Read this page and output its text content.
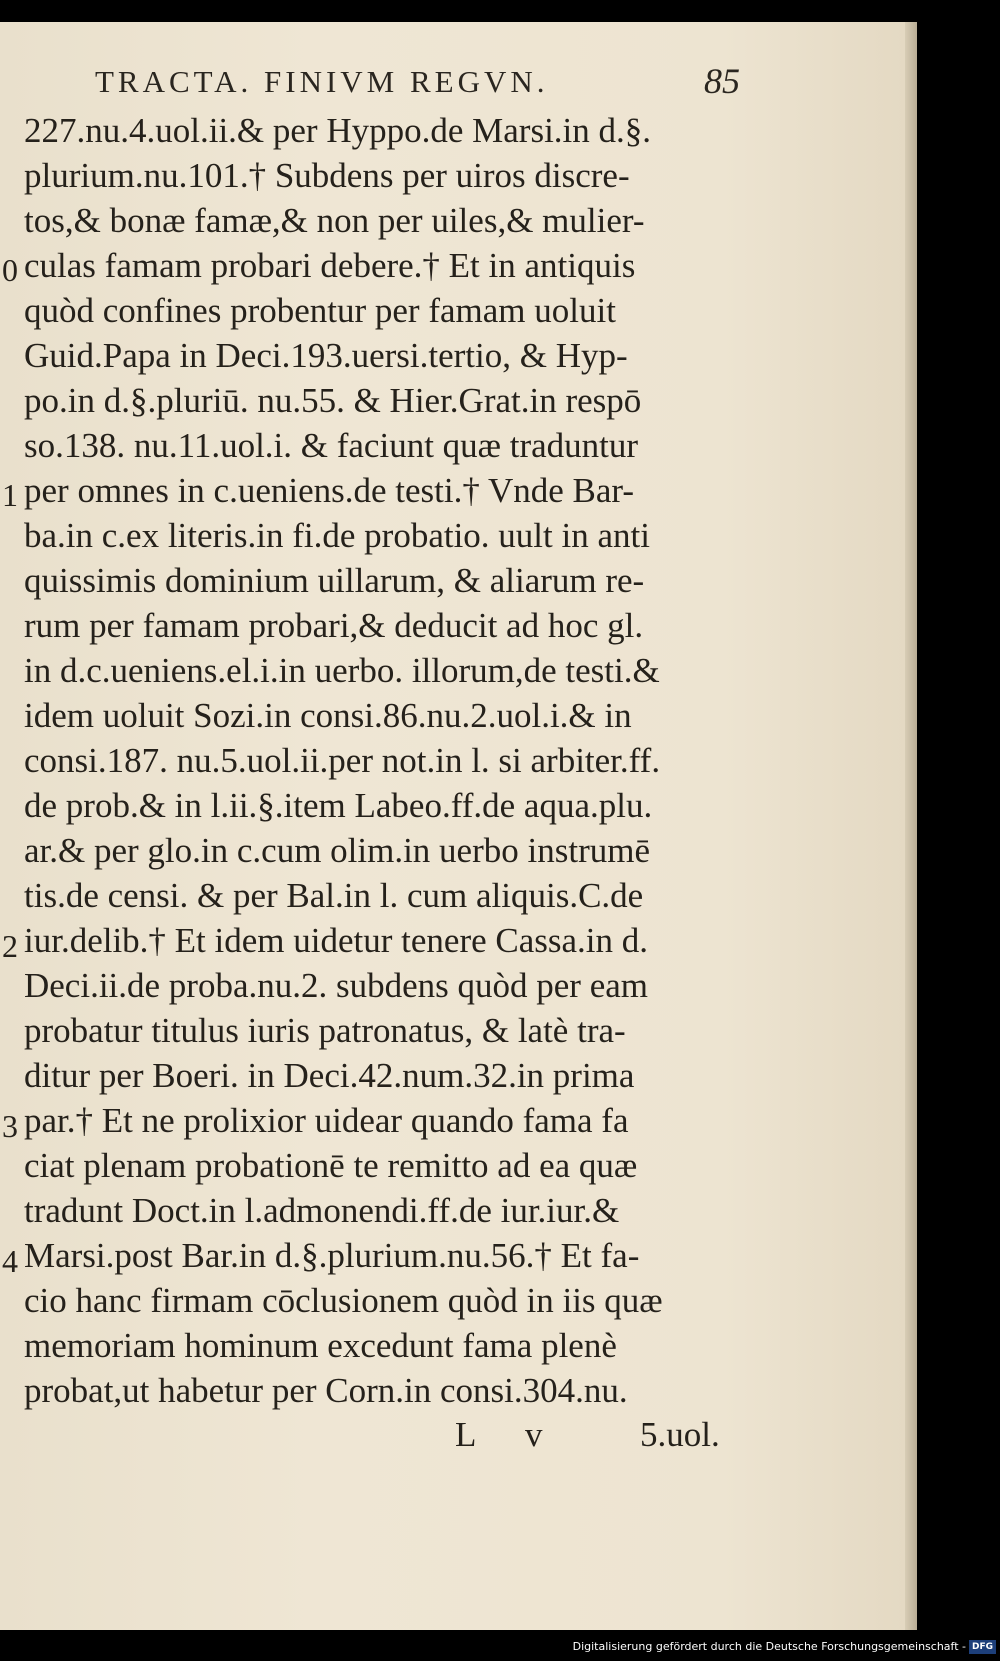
TRACTA. FINIVM REGVN.	85
227.nu.4.uol.ii.& per Hyppo.de Marsi.in d.§.
plurium.nu.101.† Subdens per uiros discre-
tos,& bonæ famæ,& non per uiles,& mulier-
culas famam probari debere.† Et in antiquis
quòd confines probentur per famam uoluit
Guid.Papa in Deci.193.uersi.tertio, & Hyp-
po.in d.§.pluriū. nu.55. & Hier.Grat.in respō
so.138. nu.11.uol.i. & faciunt quæ traduntur
per omnes in c.ueniens.de testi.† Vnde Bar-
ba.in c.ex literis.in fi.de probatio. uult in anti
quissimis dominium uillarum, & aliarum re-
rum per famam probari,& deducit ad hoc gl.
in d.c.ueniens.el.i.in uerbo. illorum,de testi.&
idem uoluit Sozi.in consi.86.nu.2.uol.i.& in
consi.187. nu.5.uol.ii.per not.in l. si arbiter.ff.
de prob.& in l.ii.§.item Labeo.ff.de aqua.plu.
ar.& per glo.in c.cum olim.in uerbo instrumē
tis.de censi. & per Bal.in l. cum aliquis.C.de
iur.delib.† Et idem uidetur tenere Cassa.in d.
Deci.ii.de proba.nu.2. subdens quòd per eam
probatur titulus iuris patronatus, & latè tra-
ditur per Boeri. in Deci.42.num.32.in prima
par.† Et ne prolixior uidear quando fama fa
ciat plenam probationē te remitto ad ea quæ
tradunt Doct.in l.admonendi.ff.de iur.iur.&
Marsi.post Bar.in d.§.plurium.nu.56.† Et fa-
cio hanc firmam cōclusionem quòd in iis quæ
memoriam hominum excedunt fama plenè
probat,ut habetur per Corn.in consi.304.nu.
0
1
2
3
4
L v	5.uol.
Digitalisierung gefördert durch die Deutsche Forschungsgemeinschaft - DFG
